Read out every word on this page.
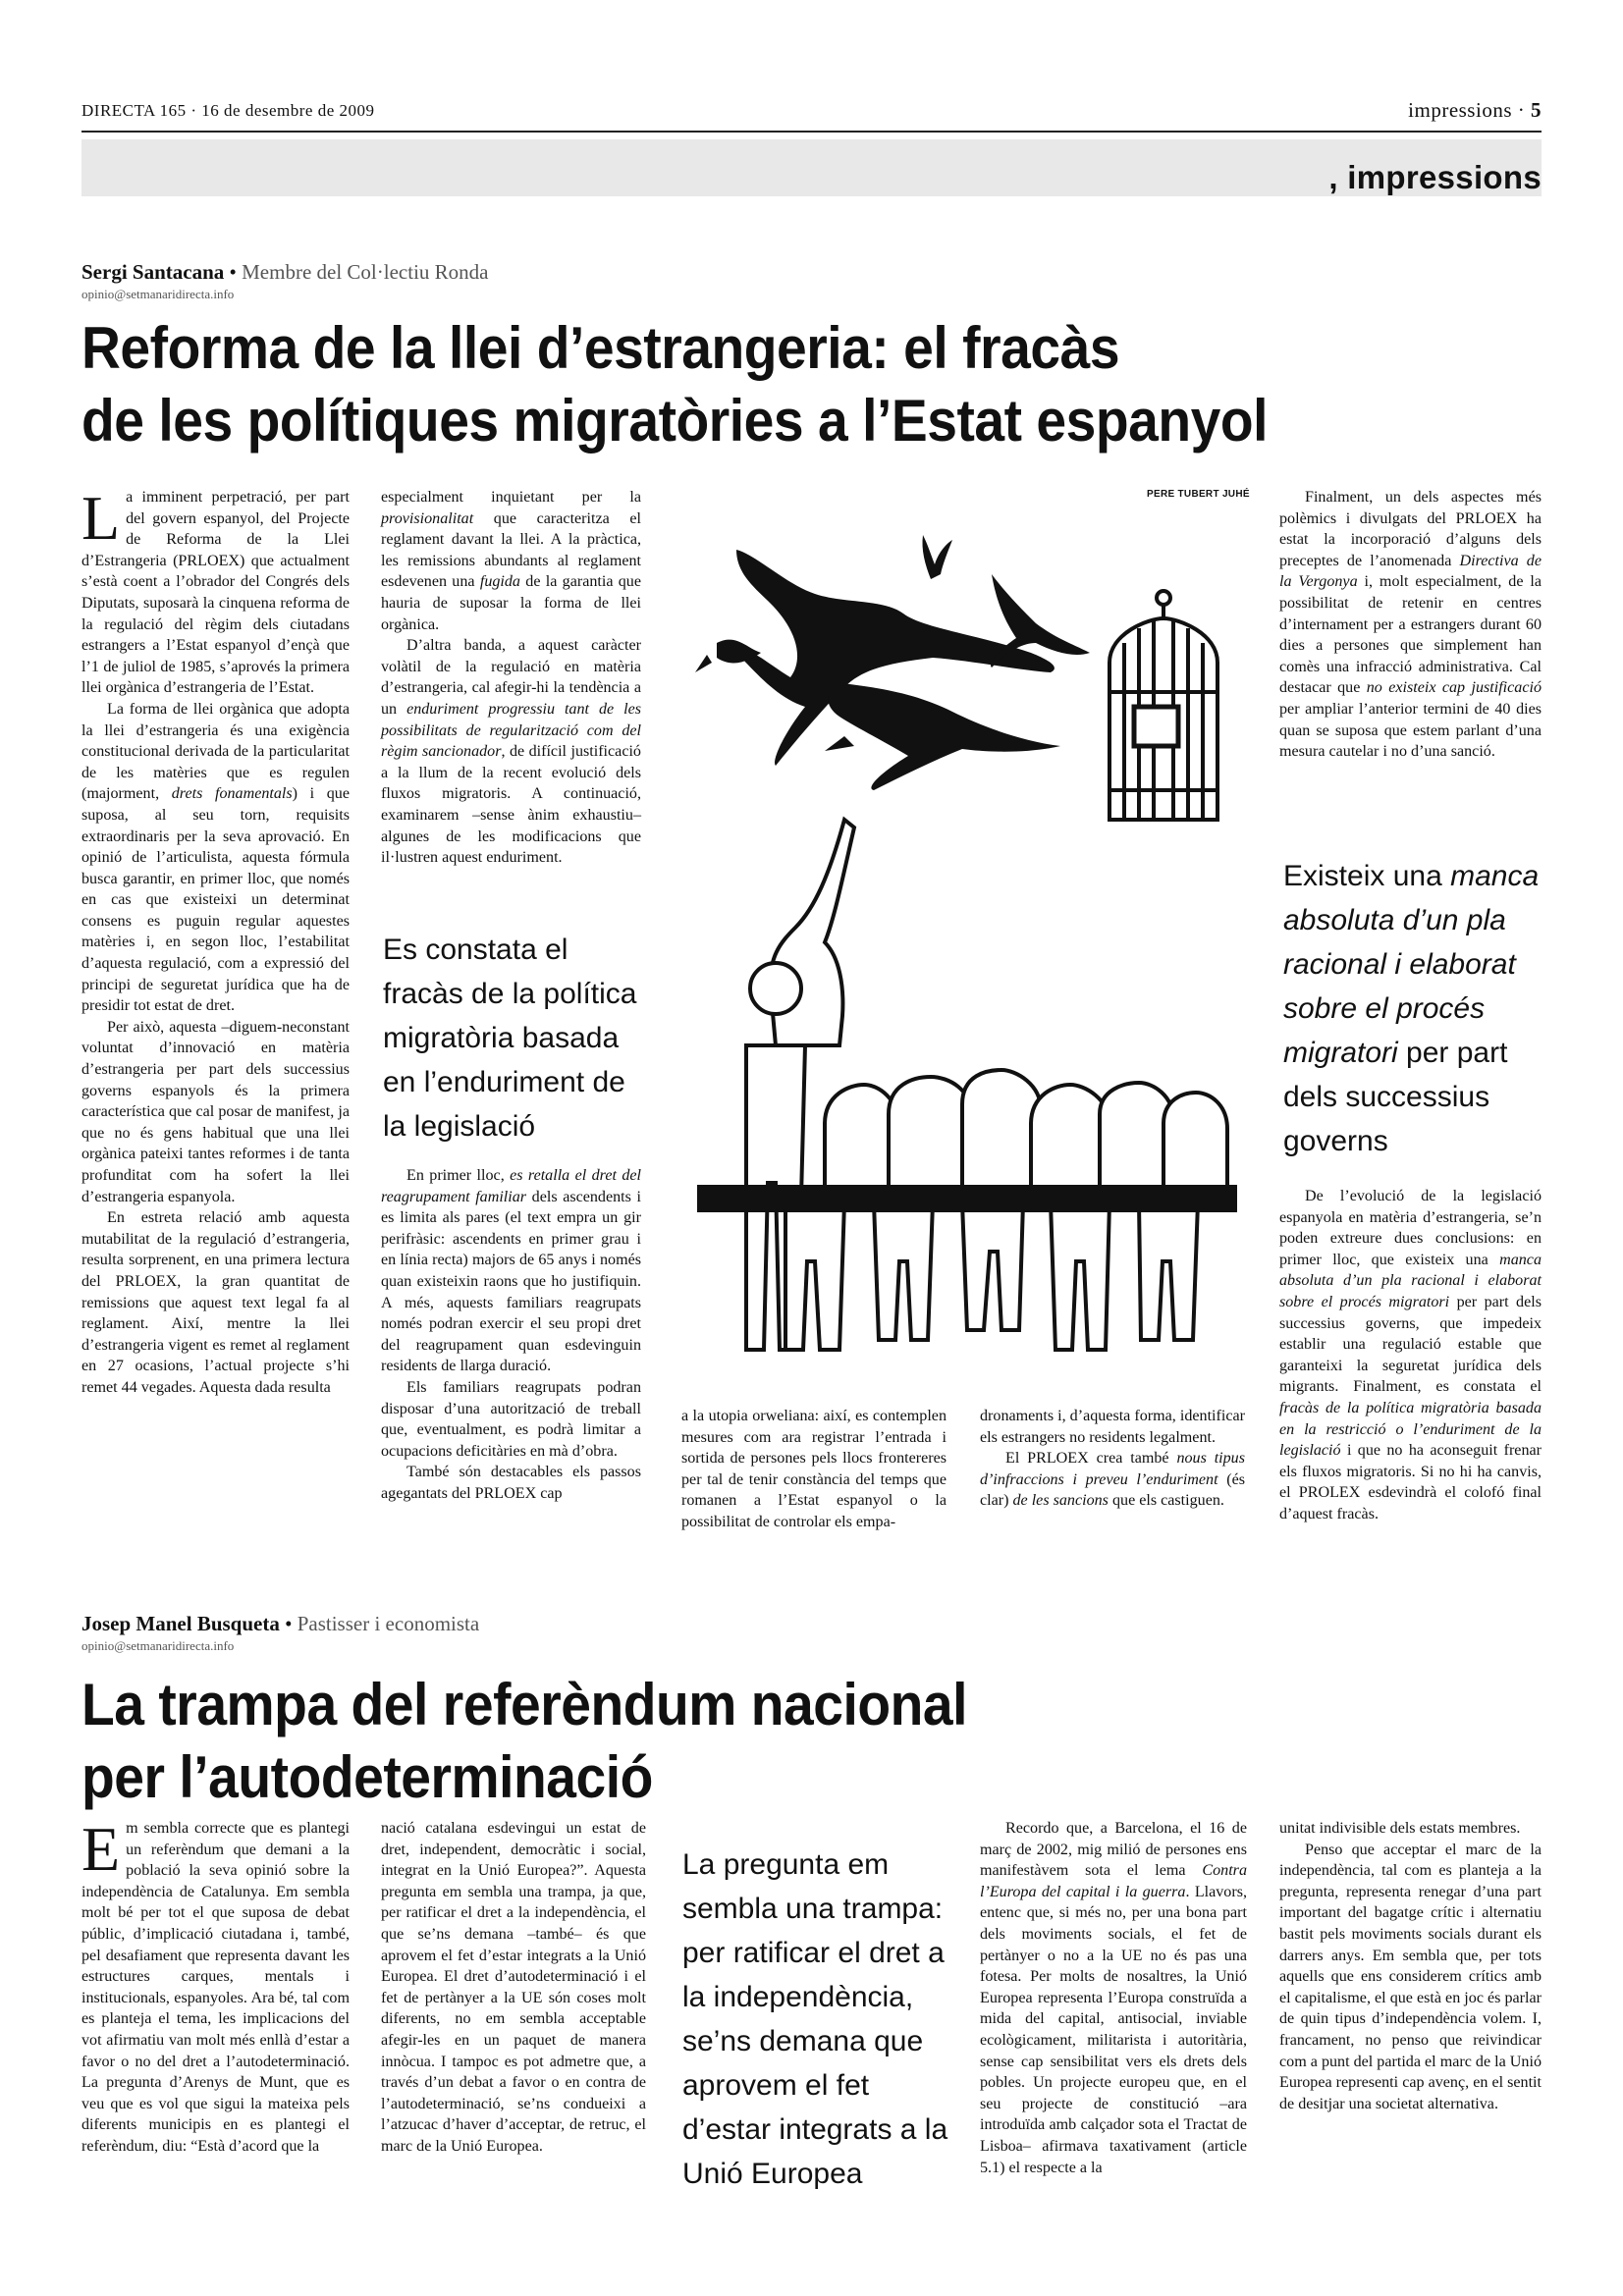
DIRECTA 165 · 16 de desembre de 2009	impressions · 5
, impressions
Sergi Santacana • Membre del Col·lectiu Ronda
opinio@setmanaridirecta.info
Reforma de la llei d’estrangeria: el fracàs
de les polítiques migratòries a l’Estat espanyol

La imminent perpetració, per part del govern espanyol, del Projecte de Reforma de la Llei d’Estrangeria (PRLOEX) que actualment s’està coent a l’obrador del Congrés dels Diputats, suposarà la cinquena reforma de la regulació del règim dels ciutadans estrangers a l’Estat espanyol d’ençà que l’1 de juliol de 1985, s’aprovés la primera llei orgànica d’estrangeria de l’Estat.

La forma de llei orgànica que adopta la llei d’estrangeria és una exigència constitucional derivada de la particularitat de les matèries que es regulen (majorment, drets fonamentals) i que suposa, al seu torn, requisits extraordinaris per la seva aprovació. En opinió de l’articulista, aquesta fórmula busca garantir, en primer lloc, que només en cas que existeixi un determinat consens es puguin regular aquestes matèries i, en segon lloc, l’estabilitat d’aquesta regulació, com a expressió del principi de seguretat jurídica que ha de presidir tot estat de dret.

Per això, aquesta –diguem-neconstant voluntat d’innovació en matèria d’estrangeria per part dels successius governs espanyols és la primera característica que cal posar de manifest, ja que no és gens habitual que una llei orgànica pateixi tantes reformes i de tanta profunditat com ha sofert la llei d’estrangeria espanyola.

En estreta relació amb aquesta mutabilitat de la regulació d’estrangeria, resulta sorprenent, en una primera lectura del PRLOEX, la gran quantitat de remissions que aquest text legal fa al reglament. Així, mentre la llei d’estrangeria vigent es remet al reglament en 27 ocasions, l’actual projecte s’hi remet 44 vegades. Aquesta dada resulta

especialment inquietant per la provisionalitat que caracteritza el reglament davant la llei. A la pràctica, les remissions abundants al reglament esdevenen una fugida de la garantia que hauria de suposar la forma de llei orgànica.

D’altra banda, a aquest caràcter volàtil de la regulació en matèria d’estrangeria, cal afegir-hi la tendència a un enduriment progressiu tant de les possibilitats de regularització com del règim sancionador, de difícil justificació a la llum de la recent evolució dels fluxos migratoris. A continuació, examinarem –sense ànim exhaustiu– algunes de les modificacions que il·lustren aquest enduriment.

Es constata el fracàs de la política migratòria basada en l’enduriment de la legislació

En primer lloc, es retalla el dret del reagrupament familiar dels ascendents i es limita als pares (el text empra un gir perifràsic: ascendents en primer grau i en línia recta) majors de 65 anys i només quan existeixin raons que ho justifiquin. A més, aquests familiars reagrupats només podran exercir el seu propi dret del reagrupament quan esdevinguin residents de llarga duració.

Els familiars reagrupats podran disposar d’una autorització de treball que, eventualment, es podrà limitar a ocupacions deficitàries en mà d’obra.

També són destacables els passos agegantats del PRLOEX cap

PERE TUBERT JUHÉ

a la utopia orweliana: així, es contemplen mesures com ara registrar l’entrada i sortida de persones pels llocs frontereres per tal de tenir constància del temps que romanen a l’Estat espanyol o la possibilitat de controlar els empa-

dronaments i, d’aquesta forma, identificar els estrangers no residents legalment.

El PRLOEX crea també nous tipus d’infraccions i preveu l’enduriment (és clar) de les sancions que els castiguen.

Finalment, un dels aspectes més polèmics i divulgats del PRLOEX ha estat la incorporació d’alguns dels preceptes de l’anomenada Directiva de la Vergonya i, molt especialment, de la possibilitat de retenir en centres d’internament per a estrangers durant 60 dies a persones que simplement han comès una infracció administrativa. Cal destacar que no existeix cap justificació per ampliar l’anterior termini de 40 dies quan se suposa que estem parlant d’una mesura cautelar i no d’una sanció.

Existeix una manca absoluta d’un pla racional i elaborat sobre el procés migratori per part dels successius governs

De l’evolució de la legislació espanyola en matèria d’estrangeria, se’n poden extreure dues conclusions: en primer lloc, que existeix una manca absoluta d’un pla racional i elaborat sobre el procés migratori per part dels successius governs, que impedeix establir una regulació estable que garanteixi la seguretat jurídica dels migrants. Finalment, es constata el fracàs de la política migratòria basada en la restricció o l’enduriment de la legislació i que no ha aconseguit frenar els fluxos migratoris. Si no hi ha canvis, el PROLEX esdevindrà el colofó final d’aquest fracàs.

Josep Manel Busqueta • Pastisser i economista
opinio@setmanaridirecta.info
La trampa del referèndum nacional
per l’autodeterminació

Em sembla correcte que es plantegi un referèndum que demani a la població la seva opinió sobre la independència de Catalunya. Em sembla molt bé per tot el que suposa de debat públic, d’implicació ciutadana i, també, pel desafiament que representa davant les estructures carques, mentals i institucionals, espanyoles. Ara bé, tal com es planteja el tema, les implicacions del vot afirmatiu van molt més enllà d’estar a favor o no del dret a l’autodeterminació. La pregunta d’Arenys de Munt, que es veu que es vol que sigui la mateixa pels diferents municipis en es plantegi el referèndum, diu: “Està d’acord que la

nació catalana esdevingui un estat de dret, independent, democràtic i social, integrat en la Unió Europea?”. Aquesta pregunta em sembla una trampa, ja que, per ratificar el dret a la independència, el que se’ns demana –també– és que aprovem el fet d’estar integrats a la Unió Europea. El dret d’autodeterminació i el fet de pertànyer a la UE són coses molt diferents, no em sembla acceptable afegir-les en un paquet de manera innòcua. I tampoc es pot admetre que, a través d’un debat a favor o en contra de l’autodeterminació, se’ns condueixi a l’atzucac d’haver d’acceptar, de retruc, el marc de la Unió Europea.

La pregunta em sembla una trampa: per ratificar el dret a la independència, se’ns demana que aprovem el fet d’estar integrats a la Unió Europea

Recordo que, a Barcelona, el 16 de març de 2002, mig milió de persones ens manifestàvem sota el lema Contra l’Europa del capital i la guerra. Llavors, entenc que, si més no, per una bona part dels moviments socials, el fet de pertànyer o no a la UE no és pas una fotesa. Per molts de nosaltres, la Unió Europea representa l’Europa construïda a mida del capital, antisocial, inviable ecològicament, militarista i autoritària, sense cap sensibilitat vers els drets dels pobles. Un projecte europeu que, en el seu projecte de constitució –ara introduïda amb calçador sota el Tractat de Lisboa– afirmava taxativament (article 5.1) el respecte a la

unitat indivisible dels estats membres.

Penso que acceptar el marc de la independència, tal com es planteja a la pregunta, representa renegar d’una part important del bagatge crític i alternatiu bastit pels moviments socials durant els darrers anys. Em sembla que, per tots aquells que ens considerem crítics amb el capitalisme, el que està en joc és parlar de quin tipus d’independència volem. I, francament, no penso que reivindicar com a punt del partida el marc de la Unió Europea representi cap avenç, en el sentit de desitjar una societat alternativa.
